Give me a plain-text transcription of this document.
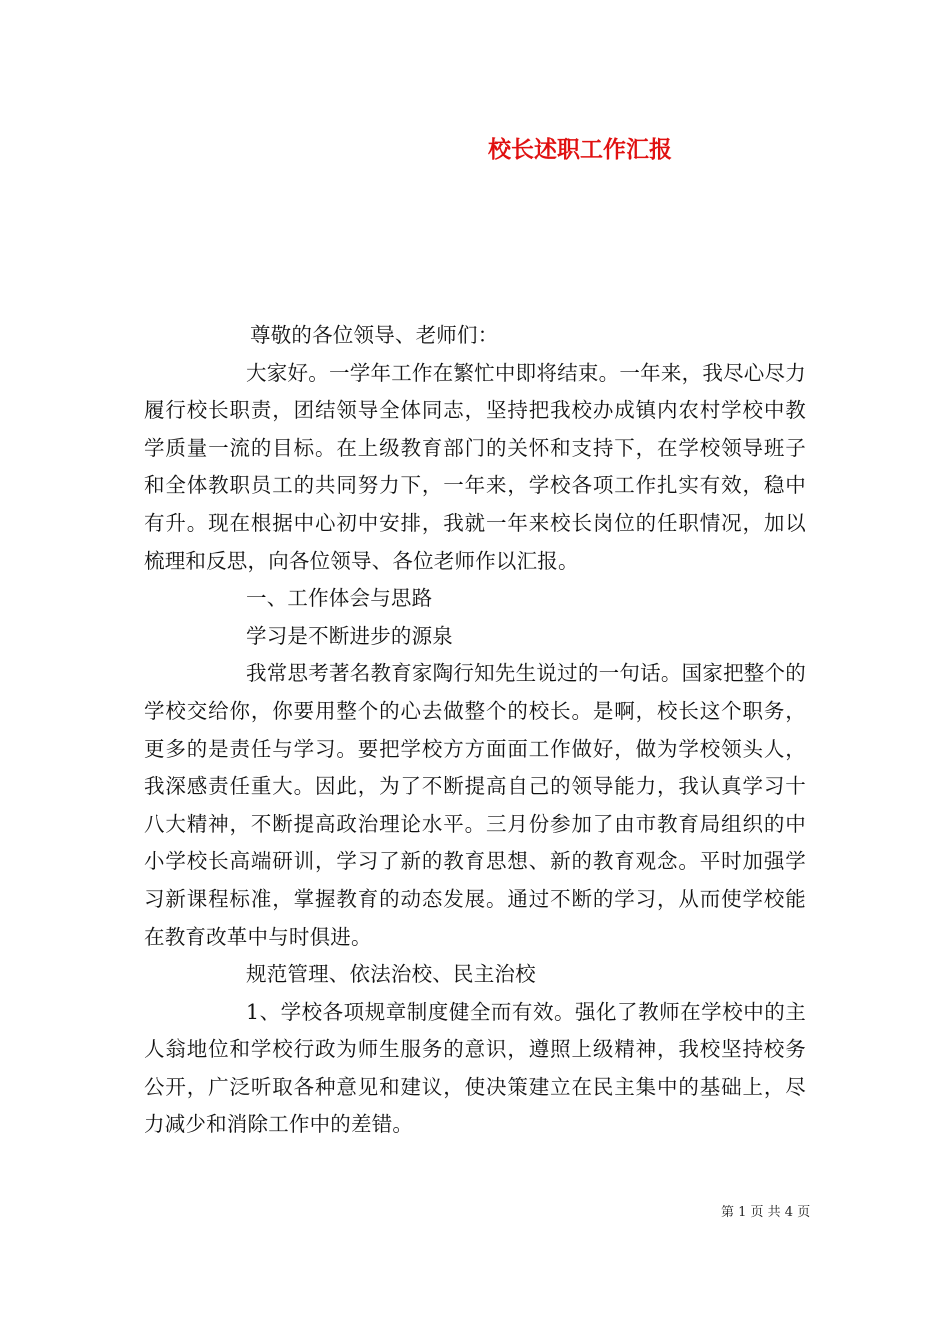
校长述职工作汇报

尊敬的各位领导、老师们：

大家好。一学年工作在繁忙中即将结束。一年来，我尽心尽力履行校长职责，团结领导全体同志，坚持把我校办成镇内农村学校中教学质量一流的目标。在上级教育部门的关怀和支持下，在学校领导班子和全体教职员工的共同努力下，一年来，学校各项工作扎实有效，稳中有升。现在根据中心初中安排，我就一年来校长岗位的任职情况，加以梳理和反思，向各位领导、各位老师作以汇报。

一、工作体会与思路

学习是不断进步的源泉

我常思考著名教育家陶行知先生说过的一句话。国家把整个的学校交给你，你要用整个的心去做整个的校长。是啊，校长这个职务，更多的是责任与学习。要把学校方方面面工作做好，做为学校领头人，我深感责任重大。因此，为了不断提高自己的领导能力，我认真学习十八大精神，不断提高政治理论水平。三月份参加了由市教育局组织的中小学校长高端研训，学习了新的教育思想、新的教育观念。平时加强学习新课程标准，掌握教育的动态发展。通过不断的学习，从而使学校能在教育改革中与时俱进。

规范管理、依法治校、民主治校

1、学校各项规章制度健全而有效。强化了教师在学校中的主人翁地位和学校行政为师生服务的意识，遵照上级精神，我校坚持校务公开，广泛听取各种意见和建议，使决策建立在民主集中的基础上，尽力减少和消除工作中的差错。

第 1 页 共 4 页
